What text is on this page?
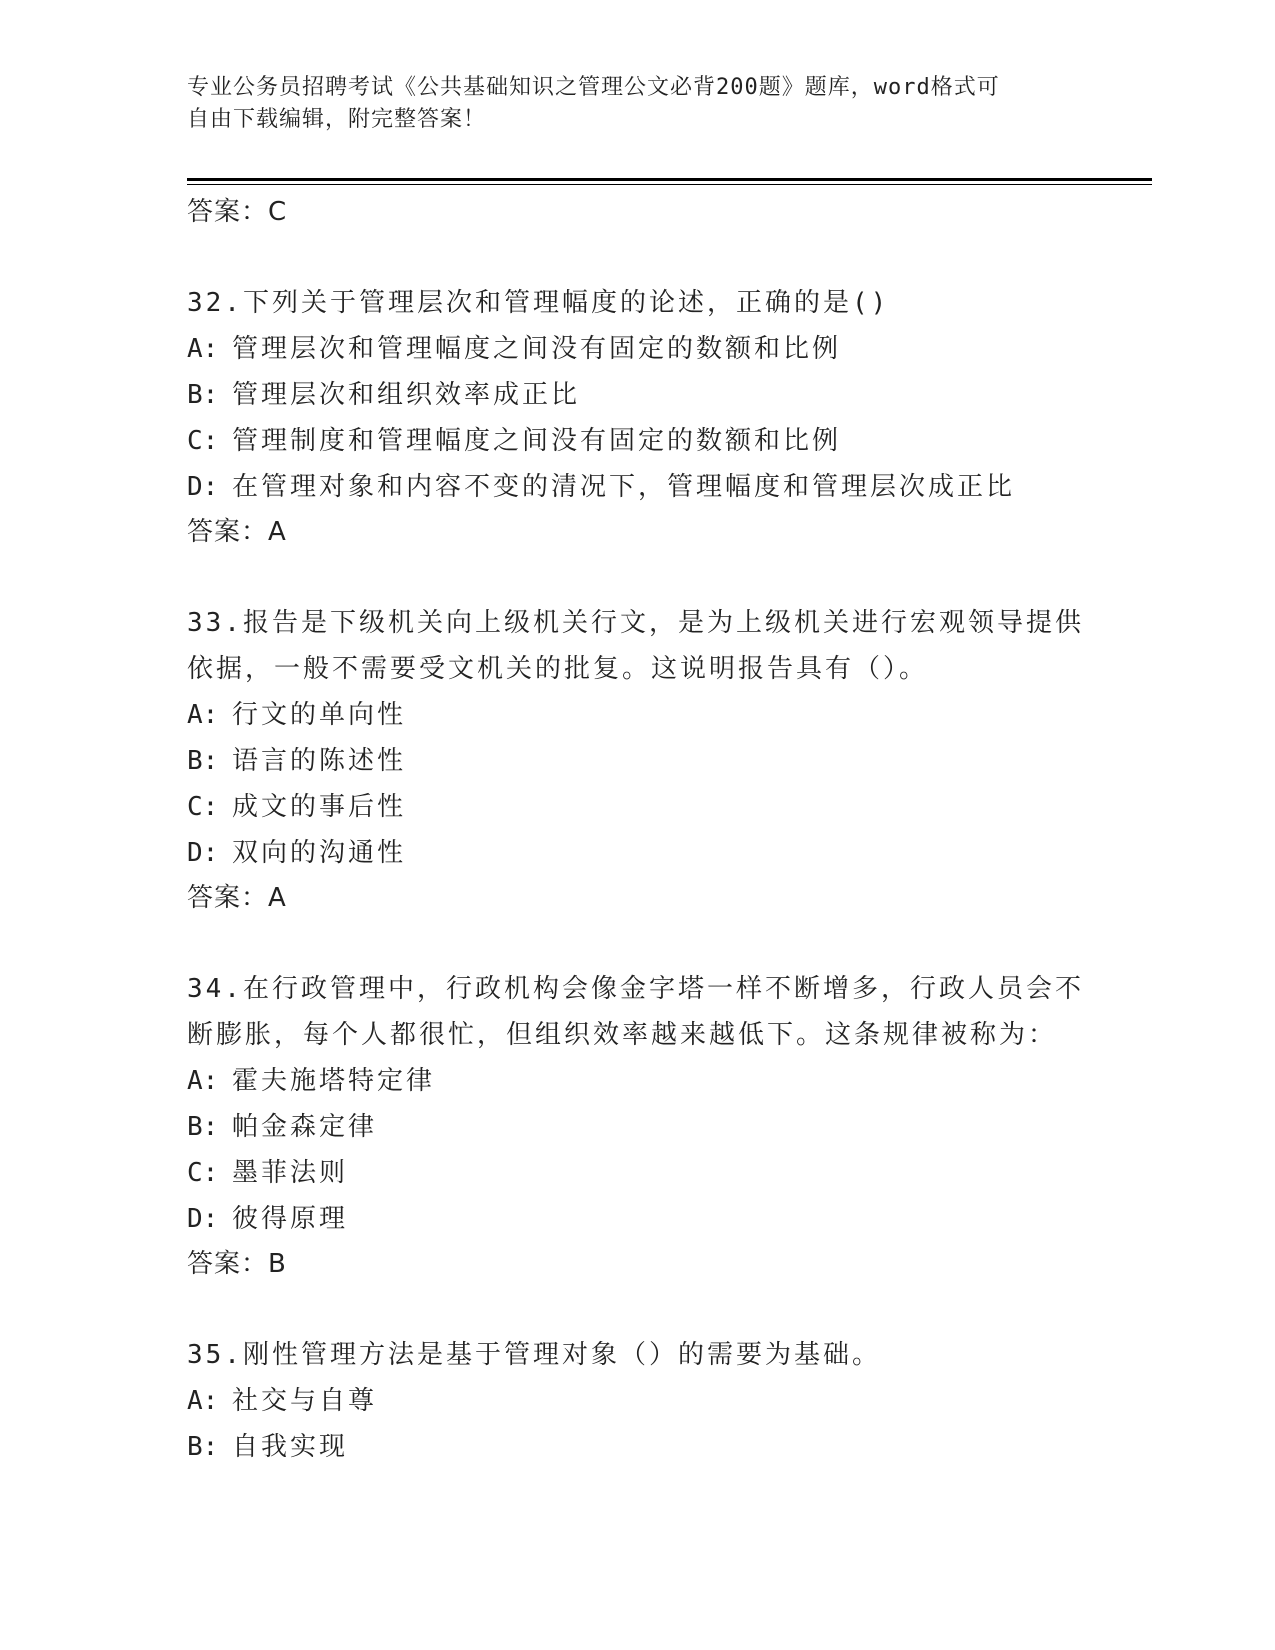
专业公务员招聘考试《公共基础知识之管理公文必背200题》题库，word格式可
自由下载编辑，附完整答案！

答案：C

32.下列关于管理层次和管理幅度的论述，正确的是()

A: 管理层次和管理幅度之间没有固定的数额和比例

B: 管理层次和组织效率成正比

C: 管理制度和管理幅度之间没有固定的数额和比例

D: 在管理对象和内容不变的清况下，管理幅度和管理层次成正比

答案：A

33.报告是下级机关向上级机关行文，是为上级机关进行宏观领导提供依据，一般不需要受文机关的批复。这说明报告具有（）。

A: 行文的单向性

B: 语言的陈述性

C: 成文的事后性

D: 双向的沟通性

答案：A

34.在行政管理中，行政机构会像金字塔一样不断增多，行政人员会不断膨胀，每个人都很忙，但组织效率越来越低下。这条规律被称为：

A: 霍夫施塔特定律

B: 帕金森定律

C: 墨菲法则

D: 彼得原理

答案：B

35.刚性管理方法是基于管理对象（）的需要为基础。

A: 社交与自尊

B: 自我实现
